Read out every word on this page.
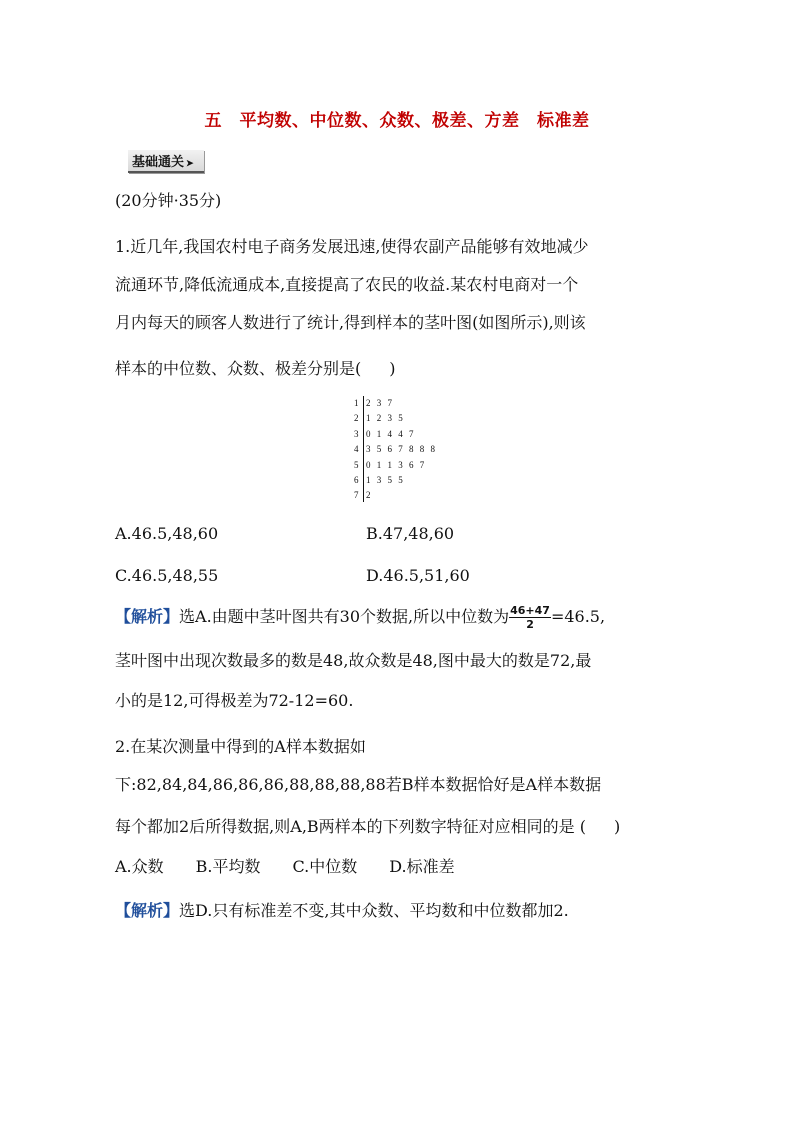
五　平均数、中位数、众数、极差、方差　标准差
基础通关 ➤
(20分钟·35分)
1.近几年,我国农村电子商务发展迅速,使得农副产品能够有效地减少
流通环节,降低流通成本,直接提高了农民的收益.某农村电商对一个
月内每天的顾客人数进行了统计,得到样本的茎叶图(如图所示),则该
样本的中位数、众数、极差分别是( )
1 2 3 7
2 1 2 3 5
3 0 1 4 4 7
4 3 5 6 7 8 8 8
5 0 1 1 3 6 7
6 1 3 5 5
7 2
A.46.5,48,60	B.47,48,60
C.46.5,48,55	D.46.5,51,60
【解析】选A.由题中茎叶图共有30个数据,所以中位数为 $\frac{46+47}{2} =46.5$,
茎叶图中出现次数最多的数是48,故众数是48,图中最大的数是72,最
小的是12,可得极差为72-12=60.
2.在某次测量中得到的A样本数据如
下:82,84,84,86,86,86,88,88,88,88若B样本数据恰好是A样本数据
每个都加2后所得数据,则A,B两样本的下列数字特征对应相同的是 ( )
A.众数　　B.平均数　　C.中位数　　D.标准差
【解析】选D.只有标准差不变,其中众数、平均数和中位数都加2.
